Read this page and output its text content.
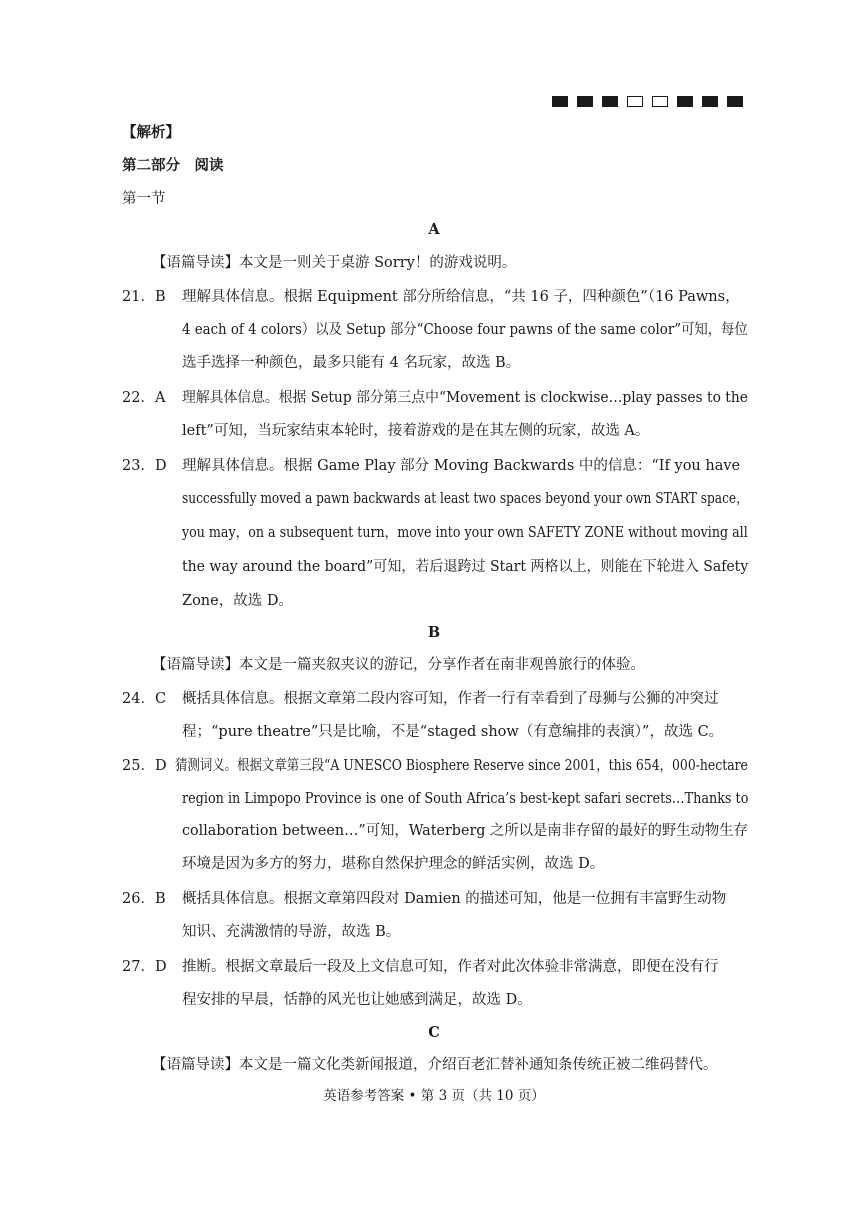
【解析】
第二部分　阅读
第一节
A
【语篇导读】本文是一则关于桌游 Sorry！的游戏说明。
21．B 理解具体信息。根据 Equipment 部分所给信息，“共 16 子，四种颜色”（16 Pawns，
4 each of 4 colors）以及 Setup 部分“Choose four pawns of the same color”可知，每位
选手选择一种颜色，最多只能有 4 名玩家，故选 B。
22．A 理解具体信息。根据 Setup 部分第三点中“Movement is clockwise…play passes to the
left”可知，当玩家结束本轮时，接着游戏的是在其左侧的玩家，故选 A。
23．D 理解具体信息。根据 Game Play 部分 Moving Backwards 中的信息：“If you have
successfully moved a pawn backwards at least two spaces beyond your own START space，
you may，on a subsequent turn，move into your own SAFETY ZONE without moving all
the way around the board”可知，若后退跨过 Start 两格以上，则能在下轮进入 Safety
Zone，故选 D。
B
【语篇导读】本文是一篇夹叙夹议的游记，分享作者在南非观兽旅行的体验。
24．C 概括具体信息。根据文章第二段内容可知，作者一行有幸看到了母狮与公狮的冲突过
程；“pure theatre”只是比喻，不是“staged show（有意编排的表演）”，故选 C。
25．D 猜测词义。根据文章第三段“A UNESCO Biosphere Reserve since 2001，this 654，000-hectare
region in Limpopo Province is one of South Africa’s best-kept safari secrets…Thanks to
collaboration between…”可知，Waterberg 之所以是南非存留的最好的野生动物生存
环境是因为多方的努力，堪称自然保护理念的鲜活实例，故选 D。
26．B 概括具体信息。根据文章第四段对 Damien 的描述可知，他是一位拥有丰富野生动物
知识、充满激情的导游，故选 B。
27．D 推断。根据文章最后一段及上文信息可知，作者对此次体验非常满意，即便在没有行
程安排的早晨，恬静的风光也让她感到满足，故选 D。
C
【语篇导读】本文是一篇文化类新闻报道，介绍百老汇替补通知条传统正被二维码替代。
英语参考答案 • 第 3 页（共 10 页）
